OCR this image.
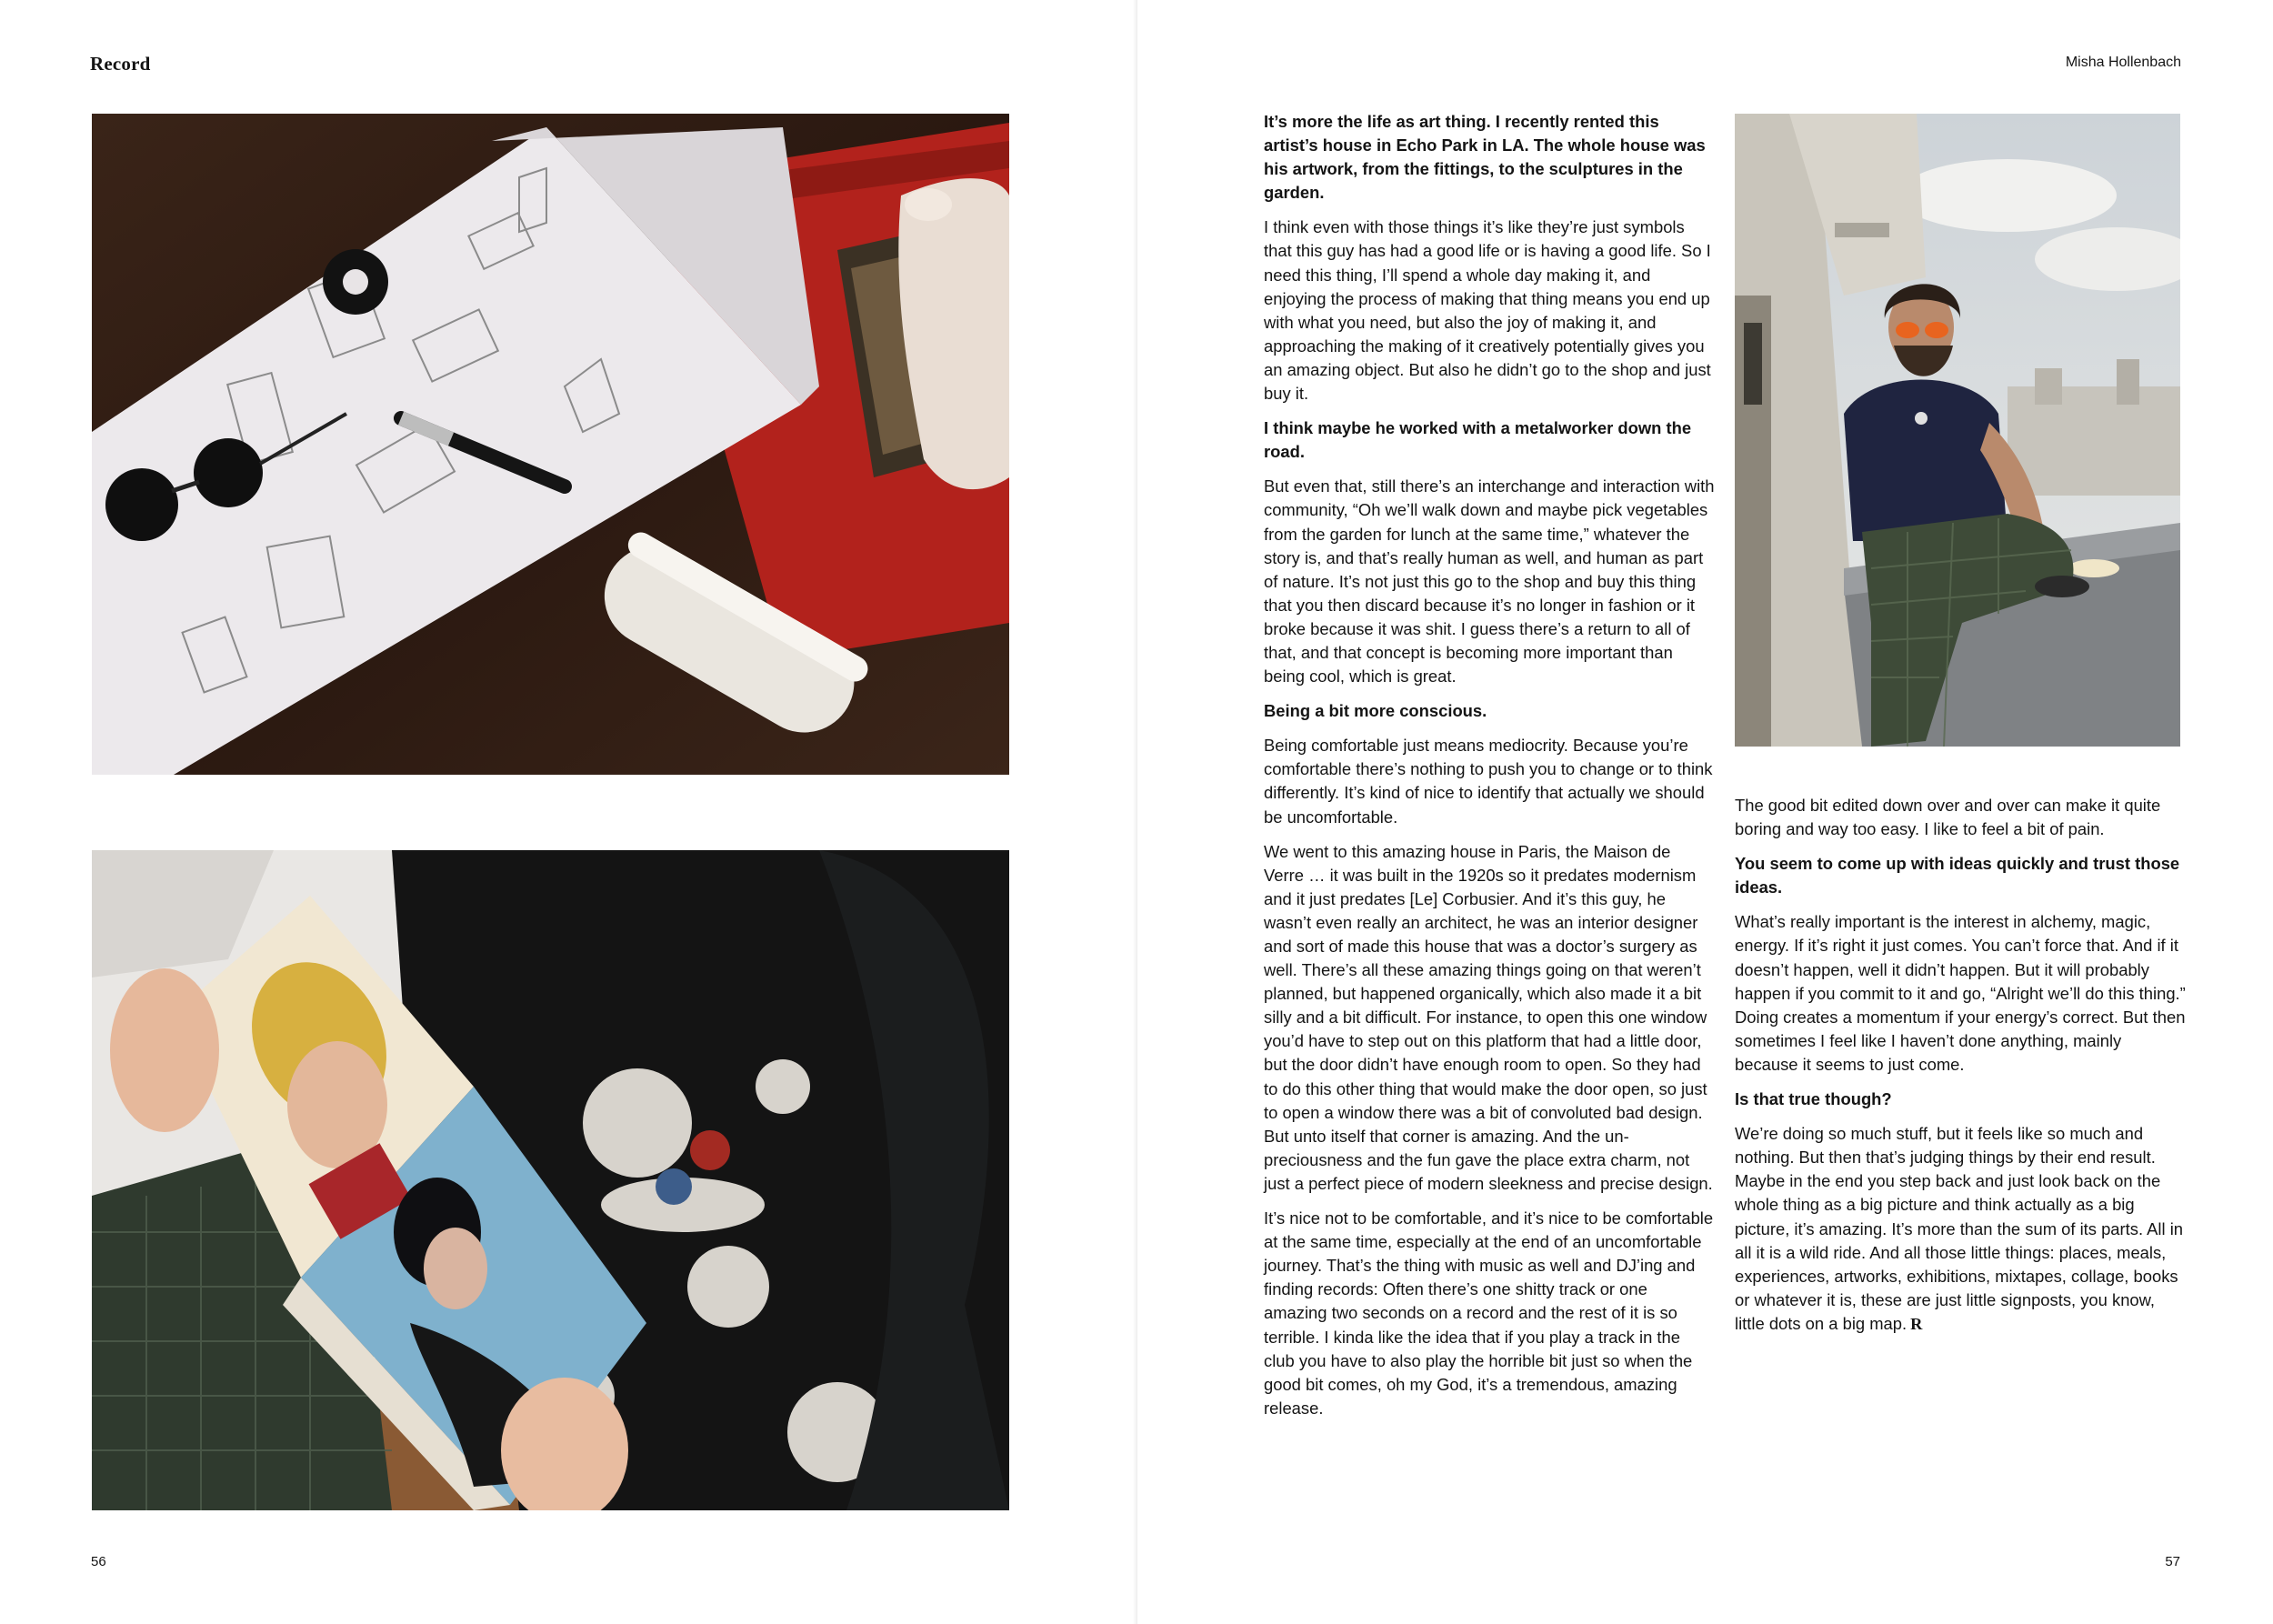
Record
56
Misha Hollenbach
57

It’s more the life as art thing. I recently rented this artist’s house in Echo Park in LA. The whole house was his artwork, from the fittings, to the sculptures in the garden.

I think even with those things it’s like they’re just symbols that this guy has had a good life or is having a good life. So I need this thing, I’ll spend a whole day making it, and enjoying the process of making that thing means you end up with what you need, but also the joy of making it, and approaching the making of it creatively potentially gives you an amazing object. But also he didn’t go to the shop and just buy it.

I think maybe he worked with a metalworker down the road.

But even that, still there’s an interchange and interaction with community, “Oh we’ll walk down and maybe pick vegetables from the garden for lunch at the same time,” whatever the story is, and that’s really human as well, and human as part of nature. It’s not just this go to the shop and buy this thing that you then discard because it’s no longer in fashion or it broke because it was shit. I guess there’s a return to all of that, and that concept is becoming more important than being cool, which is great.

Being a bit more conscious.

Being comfortable just means mediocrity. Because you’re comfortable there’s nothing to push you to change or to think differently. It’s kind of nice to identify that actually we should be uncomfortable.

We went to this amazing house in Paris, the Maison de Verre … it was built in the 1920s so it predates modernism and it just predates [Le] Corbusier. And it’s this guy, he wasn’t even really an architect, he was an interior designer and sort of made this house that was a doctor’s surgery as well. There’s all these amazing things going on that weren’t planned, but happened organically, which also made it a bit silly and a bit difficult. For instance, to open this one window you’d have to step out on this platform that had a little door, but the door didn’t have enough room to open. So they had to do this other thing that would make the door open, so just to open a window there was a bit of convoluted bad design. But unto itself that corner is amazing. And the un-preciousness and the fun gave the place extra charm, not just a perfect piece of modern sleekness and precise design.

It’s nice not to be comfortable, and it’s nice to be comfortable at the same time, especially at the end of an uncomfortable journey. That’s the thing with music as well and DJ’ing and finding records: Often there’s one shitty track or one amazing two seconds on a record and the rest of it is so terrible. I kinda like the idea that if you play a track in the club you have to also play the horrible bit just so when the good bit comes, oh my God, it’s a tremendous, amazing release.

The good bit edited down over and over can make it quite boring and way too easy. I like to feel a bit of pain.

You seem to come up with ideas quickly and trust those ideas.

What’s really important is the interest in alchemy, magic, energy. If it’s right it just comes. You can’t force that. And if it doesn’t happen, well it didn’t happen. But it will probably happen if you commit to it and go, “Alright we’ll do this thing.” Doing creates a momentum if your energy’s correct. But then sometimes I feel like I haven’t done anything, mainly because it seems to just come.

Is that true though?

We’re doing so much stuff, but it feels like so much and nothing. But then that’s judging things by their end result. Maybe in the end you step back and just look back on the whole thing as a big picture and think actually as a big picture, it’s amazing. It’s more than the sum of its parts. All in all it is a wild ride. And all those little things: places, meals, experiences, artworks, exhibitions, mixtapes, collage, books or whatever it is, these are just little signposts, you know, little dots on a big map. R
